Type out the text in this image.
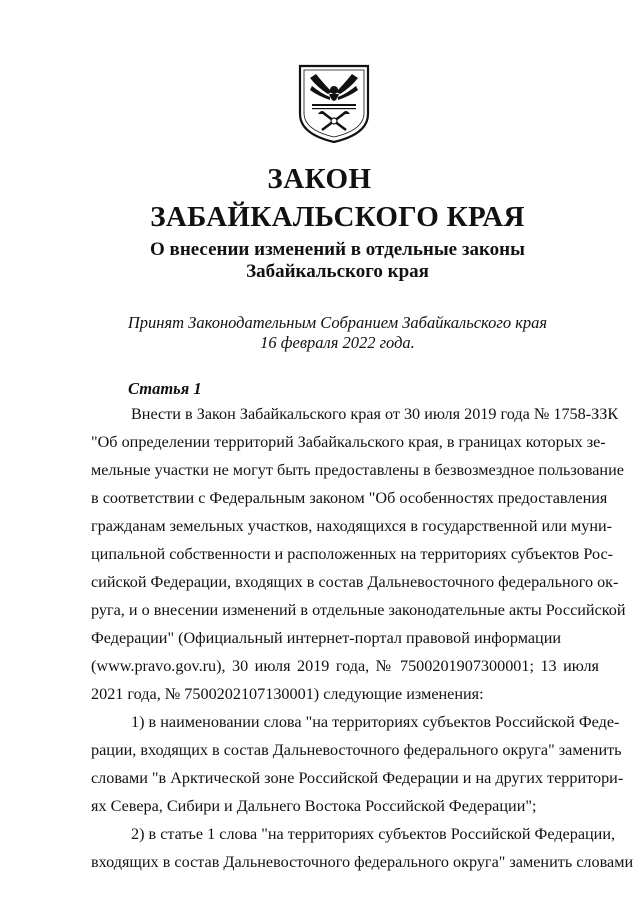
ЗАКОН
ЗАБАЙКАЛЬСКОГО КРАЯ
О внесении изменений в отдельные законы
Забайкальского края
Принят Законодательным Собранием Забайкальского края
16 февраля 2022 года.
Статья 1
Внести в Закон Забайкальского края от 30 июля 2019 года № 1758-ЗЗК
"Об определении территорий Забайкальского края, в границах которых зе-
мельные участки не могут быть предоставлены в безвозмездное пользование
в соответствии с Федеральным законом "Об особенностях предоставления
гражданам земельных участков, находящихся в государственной или муни-
ципальной собственности и расположенных на территориях субъектов Рос-
сийской Федерации, входящих в состав Дальневосточного федерального ок-
руга, и о внесении изменений в отдельные законодательные акты Российской
Федерации" (Официальный интернет-портал правовой информации
(www.pravo.gov.ru), 30 июля 2019 года, № 7500201907300001; 13 июля
2021 года, № 7500202107130001) следующие изменения:
1) в наименовании слова "на территориях субъектов Российской Феде-
рации, входящих в состав Дальневосточного федерального округа" заменить
словами "в Арктической зоне Российской Федерации и на других территори-
ях Севера, Сибири и Дальнего Востока Российской Федерации";
2) в статье 1 слова "на территориях субъектов Российской Федерации,
входящих в состав Дальневосточного федерального округа" заменить словами
